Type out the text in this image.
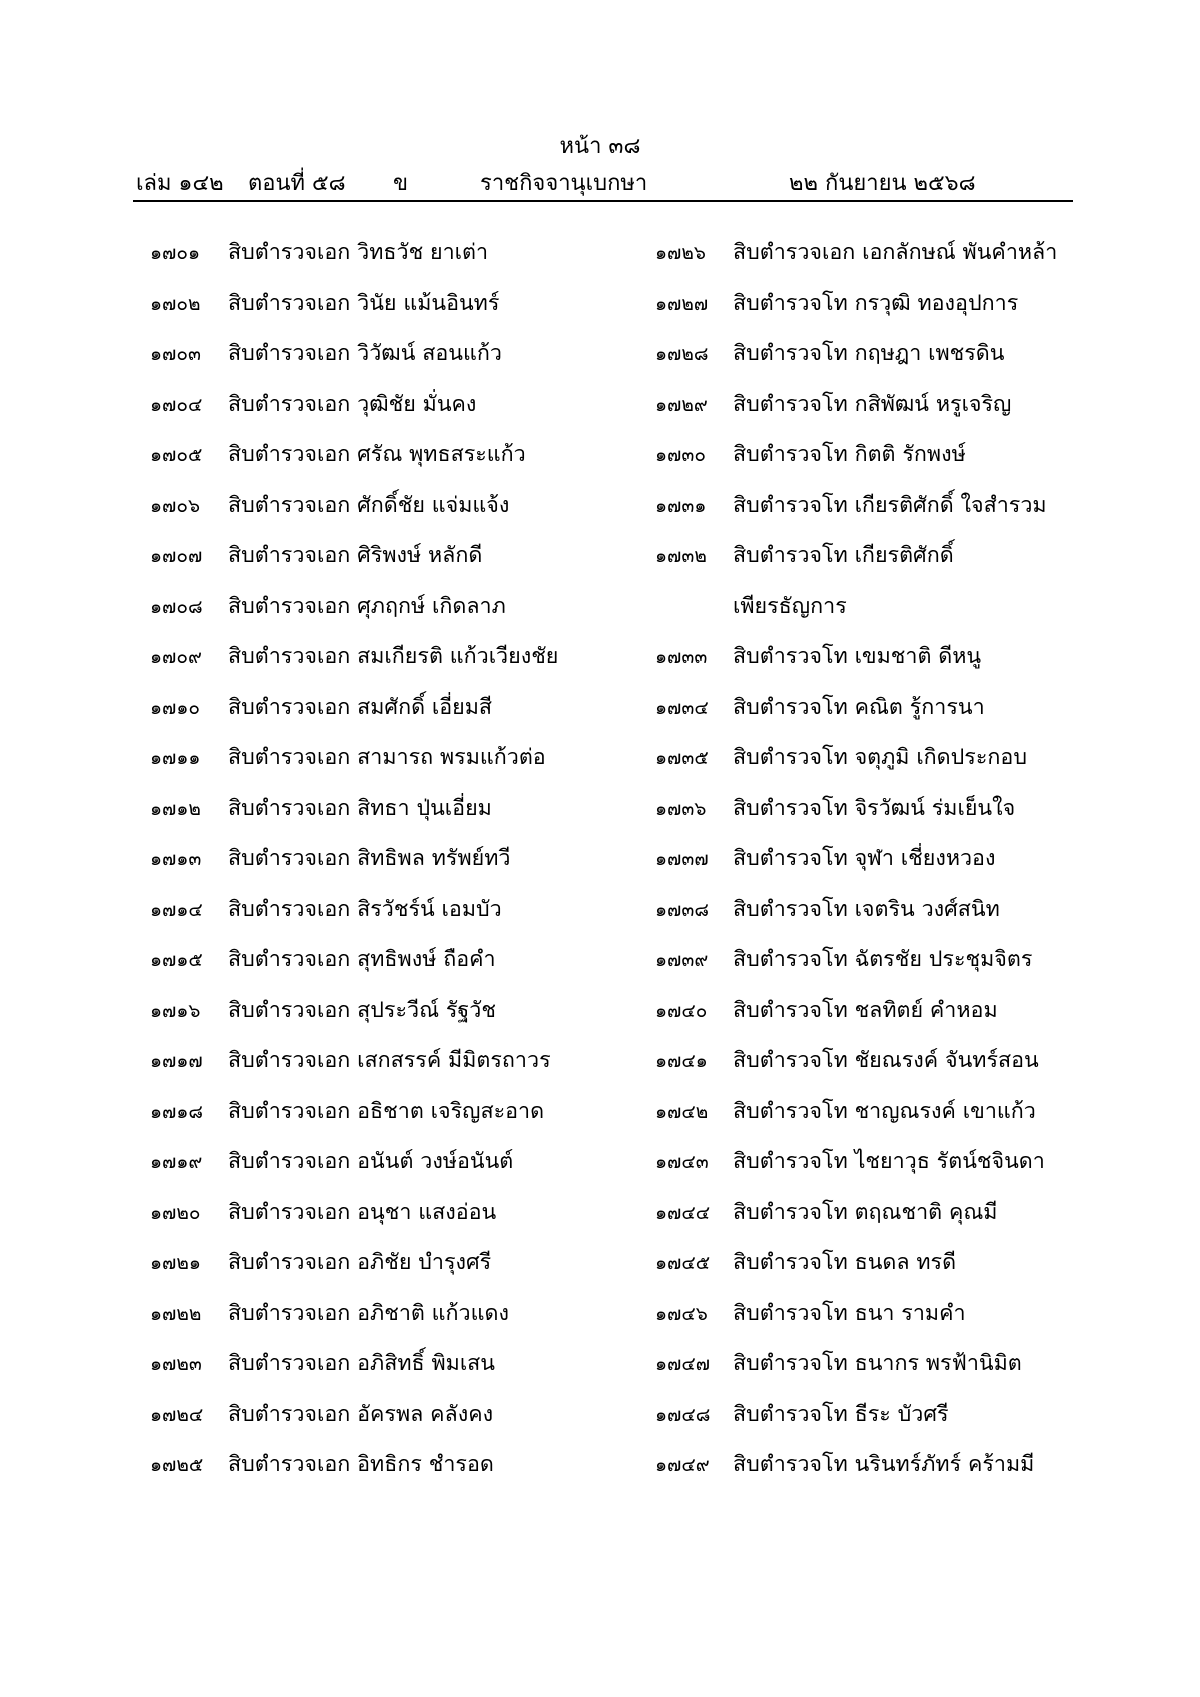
หน้า ๓๘
เล่ม ๑๔๒ ตอนที่ ๕๘ ข	ราชกิจจานุเบกษา	๒๒ กันยายน ๒๕๖๘
๑๗๐๑ สิบตำรวจเอก วิทธวัช ยาเต่า
๑๗๐๒ สิบตำรวจเอก วินัย แม้นอินทร์
๑๗๐๓ สิบตำรวจเอก วิวัฒน์ สอนแก้ว
๑๗๐๔ สิบตำรวจเอก วุฒิชัย มั่นคง
๑๗๐๕ สิบตำรวจเอก ศรัณ พุทธสระแก้ว
๑๗๐๖ สิบตำรวจเอก ศักดิ์ชัย แจ่มแจ้ง
๑๗๐๗ สิบตำรวจเอก ศิริพงษ์ หลักดี
๑๗๐๘ สิบตำรวจเอก ศุภฤกษ์ เกิดลาภ
๑๗๐๙ สิบตำรวจเอก สมเกียรติ แก้วเวียงชัย
๑๗๑๐ สิบตำรวจเอก สมศักดิ์ เอี่ยมสี
๑๗๑๑ สิบตำรวจเอก สามารถ พรมแก้วต่อ
๑๗๑๒ สิบตำรวจเอก สิทธา ปุ่นเอี่ยม
๑๗๑๓ สิบตำรวจเอก สิทธิพล ทรัพย์ทวี
๑๗๑๔ สิบตำรวจเอก สิรวัชร์น์ เอมบัว
๑๗๑๕ สิบตำรวจเอก สุทธิพงษ์ ถือคำ
๑๗๑๖ สิบตำรวจเอก สุประวีณ์ รัฐวัช
๑๗๑๗ สิบตำรวจเอก เสกสรรค์ มีมิตรถาวร
๑๗๑๘ สิบตำรวจเอก อธิชาต เจริญสะอาด
๑๗๑๙ สิบตำรวจเอก อนันต์ วงษ์อนันต์
๑๗๒๐ สิบตำรวจเอก อนุชา แสงอ่อน
๑๗๒๑ สิบตำรวจเอก อภิชัย บำรุงศรี
๑๗๒๒ สิบตำรวจเอก อภิชาติ แก้วแดง
๑๗๒๓ สิบตำรวจเอก อภิสิทธิ์ พิมเสน
๑๗๒๔ สิบตำรวจเอก อัครพล คลังคง
๑๗๒๕ สิบตำรวจเอก อิทธิกร ชำรอด
๑๗๒๖ สิบตำรวจเอก เอกลักษณ์ พันคำหล้า
๑๗๒๗ สิบตำรวจโท กรวุฒิ ทองอุปการ
๑๗๒๘ สิบตำรวจโท กฤษฎา เพชรดิน
๑๗๒๙ สิบตำรวจโท กสิพัฒน์ หรูเจริญ
๑๗๓๐ สิบตำรวจโท กิตติ รักพงษ์
๑๗๓๑ สิบตำรวจโท เกียรติศักดิ์ ใจสำรวม
๑๗๓๒ สิบตำรวจโท เกียรติศักดิ์
เพียรธัญการ
๑๗๓๓ สิบตำรวจโท เขมชาติ ดีหนู
๑๗๓๔ สิบตำรวจโท คณิต รู้การนา
๑๗๓๕ สิบตำรวจโท จตุภูมิ เกิดประกอบ
๑๗๓๖ สิบตำรวจโท จิรวัฒน์ ร่มเย็นใจ
๑๗๓๗ สิบตำรวจโท จุฬา เชี่ยงหวอง
๑๗๓๘ สิบตำรวจโท เจตริน วงศ์สนิท
๑๗๓๙ สิบตำรวจโท ฉัตรชัย ประชุมจิตร
๑๗๔๐ สิบตำรวจโท ชลทิตย์ คำหอม
๑๗๔๑ สิบตำรวจโท ชัยณรงค์ จันทร์สอน
๑๗๔๒ สิบตำรวจโท ชาญณรงค์ เขาแก้ว
๑๗๔๓ สิบตำรวจโท ไชยาวุธ รัตน์ชจินดา
๑๗๔๔ สิบตำรวจโท ตฤณชาติ คุณมี
๑๗๔๕ สิบตำรวจโท ธนดล ทรดี
๑๗๔๖ สิบตำรวจโท ธนา รามคำ
๑๗๔๗ สิบตำรวจโท ธนากร พรฟ้านิมิต
๑๗๔๘ สิบตำรวจโท ธีระ บัวศรี
๑๗๔๙ สิบตำรวจโท นรินทร์ภัทร์ คร้ามมี
